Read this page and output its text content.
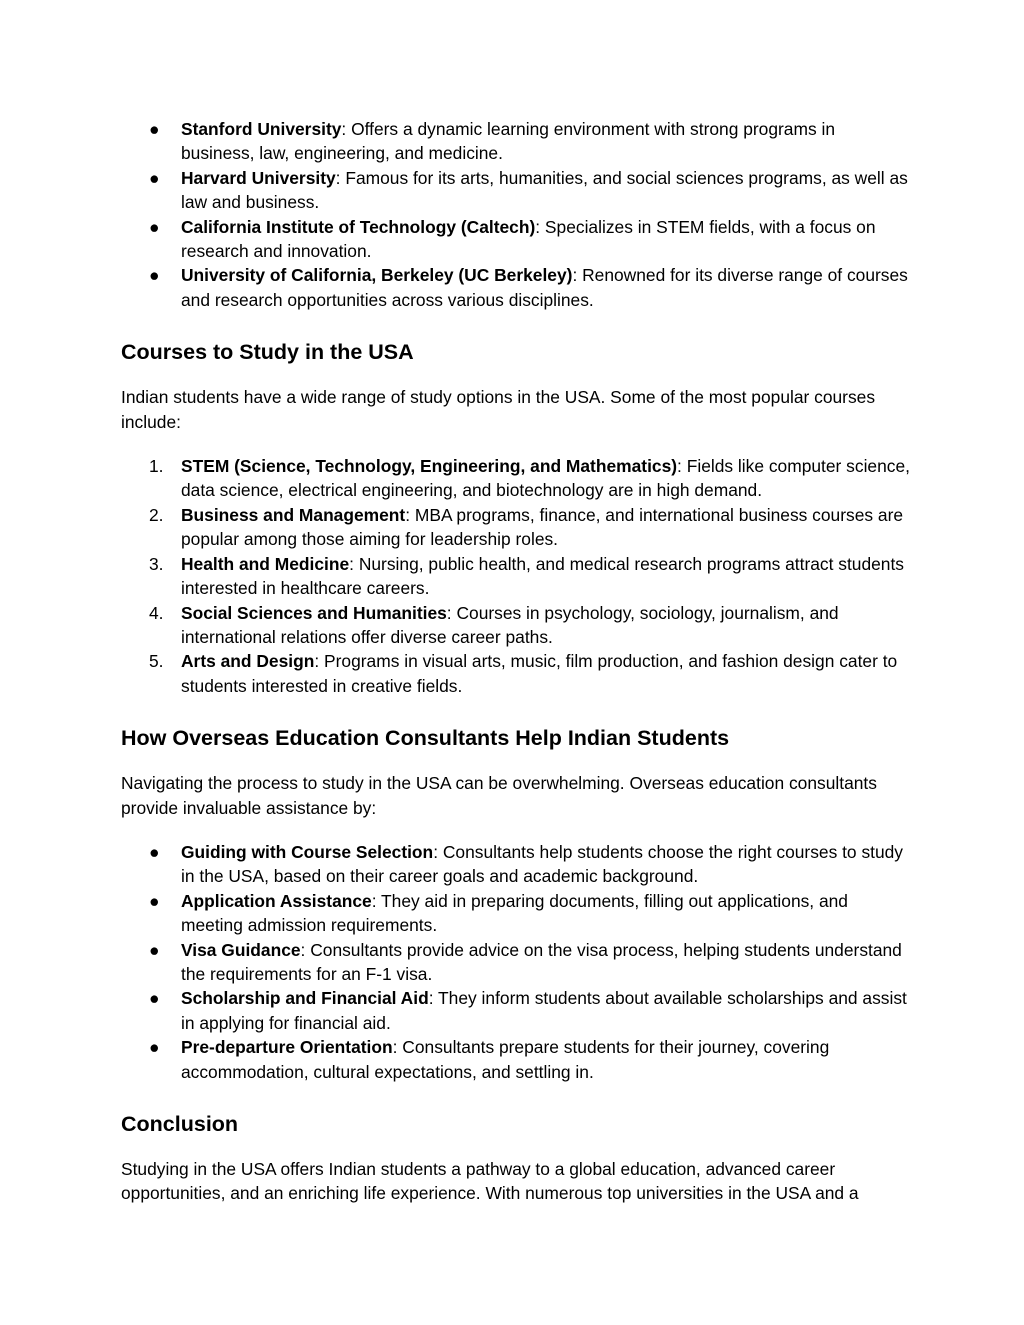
●	Stanford University: Offers a dynamic learning environment with strong programs in business, law, engineering, and medicine.
●	Harvard University: Famous for its arts, humanities, and social sciences programs, as well as law and business.
●	California Institute of Technology (Caltech): Specializes in STEM fields, with a focus on research and innovation.
●	University of California, Berkeley (UC Berkeley): Renowned for its diverse range of courses and research opportunities across various disciplines.
Courses to Study in the USA

Indian students have a wide range of study options in the USA. Some of the most popular courses include:

1. STEM (Science, Technology, Engineering, and Mathematics): Fields like computer science, data science, electrical engineering, and biotechnology are in high demand.
2. Business and Management: MBA programs, finance, and international business courses are popular among those aiming for leadership roles.
3. Health and Medicine: Nursing, public health, and medical research programs attract students interested in healthcare careers.
4. Social Sciences and Humanities: Courses in psychology, sociology, journalism, and international relations offer diverse career paths.
5. Arts and Design: Programs in visual arts, music, film production, and fashion design cater to students interested in creative fields.
How Overseas Education Consultants Help Indian Students

Navigating the process to study in the USA can be overwhelming. Overseas education consultants provide invaluable assistance by:

●	Guiding with Course Selection: Consultants help students choose the right courses to study in the USA, based on their career goals and academic background.
●	Application Assistance: They aid in preparing documents, filling out applications, and meeting admission requirements.
●	Visa Guidance: Consultants provide advice on the visa process, helping students understand the requirements for an F-1 visa.
●	Scholarship and Financial Aid: They inform students about available scholarships and assist in applying for financial aid.
●	Pre-departure Orientation: Consultants prepare students for their journey, covering accommodation, cultural expectations, and settling in.
Conclusion

Studying in the USA offers Indian students a pathway to a global education, advanced career opportunities, and an enriching life experience. With numerous top universities in the USA and a
